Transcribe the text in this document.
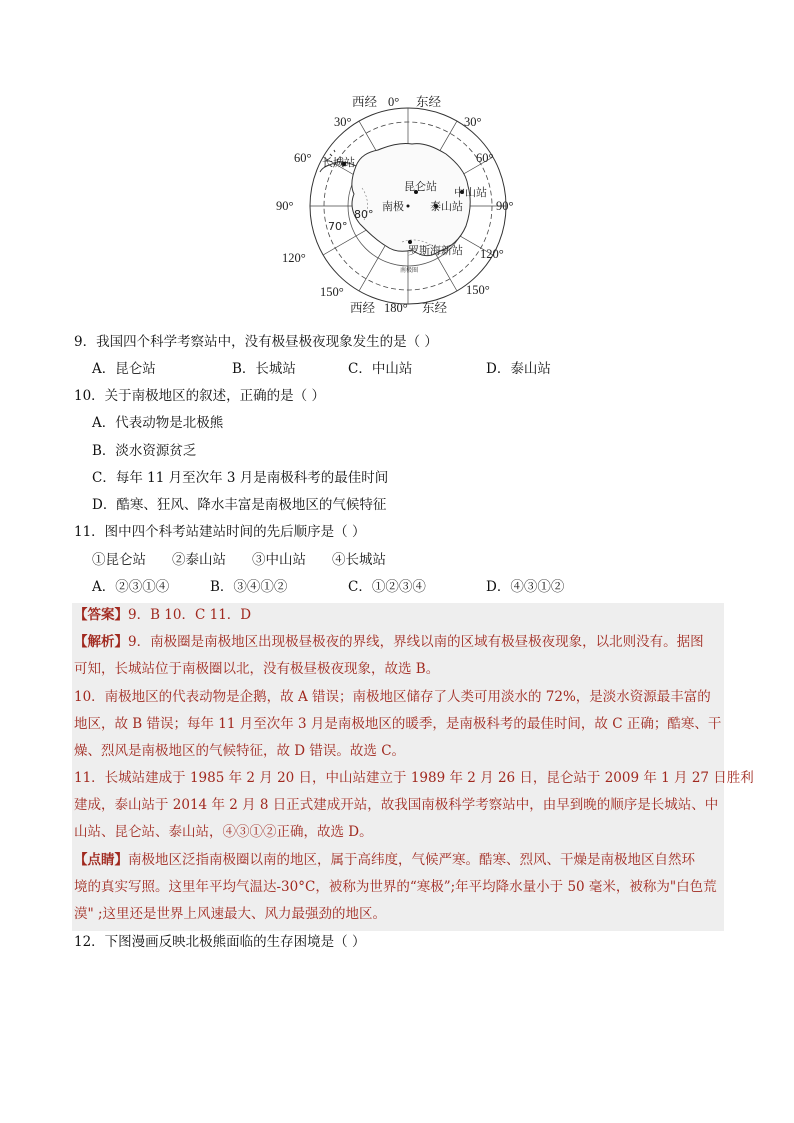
西经 0° 东经
30°	30°
60°	60°
90°	90°
120°	120°
150°	150°
西经 180° 东经
80°
70°
南极
南极圈
长城站
昆仑站 中山站
泰山站
罗斯海新站
9．我国四个科学考察站中，没有极昼极夜现象发生的是（ ）
A．昆仑站	B．长城站	C．中山站	D．泰山站
10．关于南极地区的叙述，正确的是（ ）
A．代表动物是北极熊
B．淡水资源贫乏
C．每年 11 月至次年 3 月是南极科考的最佳时间
D．酷寒、狂风、降水丰富是南极地区的气候特征
11．图中四个科考站建站时间的先后顺序是（ ）
①昆仑站 ②泰山站 ③中山站 ④长城站
A．②③①④	B．③④①②	C．①②③④	D．④③①②
【答案】9．B 10．C 11．D
【解析】9．南极圈是南极地区出现极昼极夜的界线，界线以南的区域有极昼极夜现象，以北则没有。据图
可知，长城站位于南极圈以北，没有极昼极夜现象，故选 B。
10．南极地区的代表动物是企鹅，故 A 错误；南极地区储存了人类可用淡水的 72%，是淡水资源最丰富的
地区，故 B 错误；每年 11 月至次年 3 月是南极地区的暖季，是南极科考的最佳时间，故 C 正确；酷寒、干
燥、烈风是南极地区的气候特征，故 D 错误。故选 C。
11．长城站建成于 1985 年 2 月 20 日，中山站建立于 1989 年 2 月 26 日，昆仑站于 2009 年 1 月 27 日胜利
建成，泰山站于 2014 年 2 月 8 日正式建成开站，故我国南极科学考察站中，由早到晚的顺序是长城站、中
山站、昆仑站、泰山站，④③①②正确，故选 D。
【点睛】南极地区泛指南极圈以南的地区，属于高纬度，气候严寒。酷寒、烈风、干燥是南极地区自然环
境的真实写照。这里年平均气温达-30°C，被称为世界的“寒极”;年平均降水量小于 50 毫米，被称为"白色荒
漠" ;这里还是世界上风速最大、风力最强劲的地区。
12．下图漫画反映北极熊面临的生存困境是（ ）
